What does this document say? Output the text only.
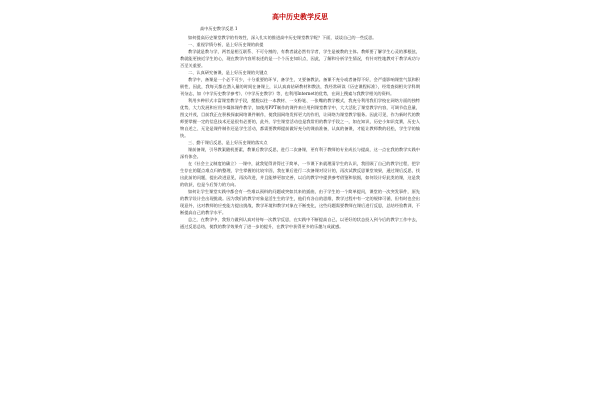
高中历史教学反思
高中历史教学反思 1

如何提高历史课堂教学的有效性，深入扎实的推进高中历史课堂教学呢？下面，谈谈自己的一些反思。

一、重视学情分析，是上好历史课的前提

教学就是教与学，两者是相互联系、不可分割的，有教者就必然有学者，学生是被教的主体。教师要了解学生心灵的那根弦，教就能更接近学生的心，现在教学内容所表述的是一个个历史知识点，因此，了解和分析学生情况，有针对性地教对于教学成功与否至关重要。

二、认真研究备课，是上好历史课的关键点

教学中，备课是一个必不可少，十分重要的环节，备学生，又要备教法。备课不充分或者备得不好，会严重影响课堂气氛和积极性，因此，我每天都在潜入量的时间在备课上，认认真真钻研教材和教法，我经常研读《历史课程标准》，经常查阅相关学科期刊杂志，如《中学历史教学参考》、《中学历史教学》等，也利用Internet的优势，在网上搜索与我教学相关的资料。

利用多种形式丰富课堂教学手段，摆脱以往一本教材、一支粉笔、一张嘴的教学模式，我充分利用我们学校在网络方面的独特优势，大力发展和应用多媒体课件教学，如使用PPT制作的课件来应用到课堂教学中，大大活化了课堂教学内容，可调节信息量，图文并茂，目前我正在积极探索网络课件制作，使我国网络发挥更大的作用，让网络为课堂教学服务。因此可见，作为新时代的教师要掌握一定的信息技术还是很有必要的，此外，学生课堂活动也是我常用的教学手段之一，如在知识，历史小知识竞赛，历史人物自述之、无论是课件制作还是学生活动，都需要教师提前做好充分的课前准备，认真的备课，才能让教师教的轻松，学生学的愉快。

三、勤于课后反思，是上好历史课的落实点

课前备课，引导教案随机要素，教课后教学反思，进行二次备课，更有利于教师的专业成长与提高，这一点在我的教学实践中深有体会。

在《社会主义制度的确立》一课中，就我觉得讲得过于简单，一节课下来就理清学生的认识，我回顾了自己的教学过程，把学生存在的疑点难点归纳整理，学生掌握的比较牢固，我在课后进行二次备课对设计的，再次试教反思课堂效果，通过课后反思，找出此前的问题，提出改进意见，再次改进，并且能够更加完善，以后的教学中提供参考借鉴和依据，如何设计好此类的课，这是我的收获，也是今后努力的方向。

如何让学生课堂实践中都会有一些难以预料的问题或突如其来的插曲，由于学生的一个简单提问，课堂的一次突发事件，原先的教学设计会出现挑战。因为我们的教学对象是活生生的学生，他们有各自的思维，教学过程中有一定的规律可循，但有时也会出现意外，这对教师的应变能力提出挑战，教学环境和教学对象在不断变化，这些问题需要教师在课后进行反思，总结经验教训，不断提高自己的教学水平。

总之，在教学中，我努力做到认真对待每一次教学反思，在实践中不断提高自己，以更好的状态投入到今后的教学工作中去，通过反思总结，使我的教学效果有了进一步的提升，在教学中获得更多的乐趣与成就感。
